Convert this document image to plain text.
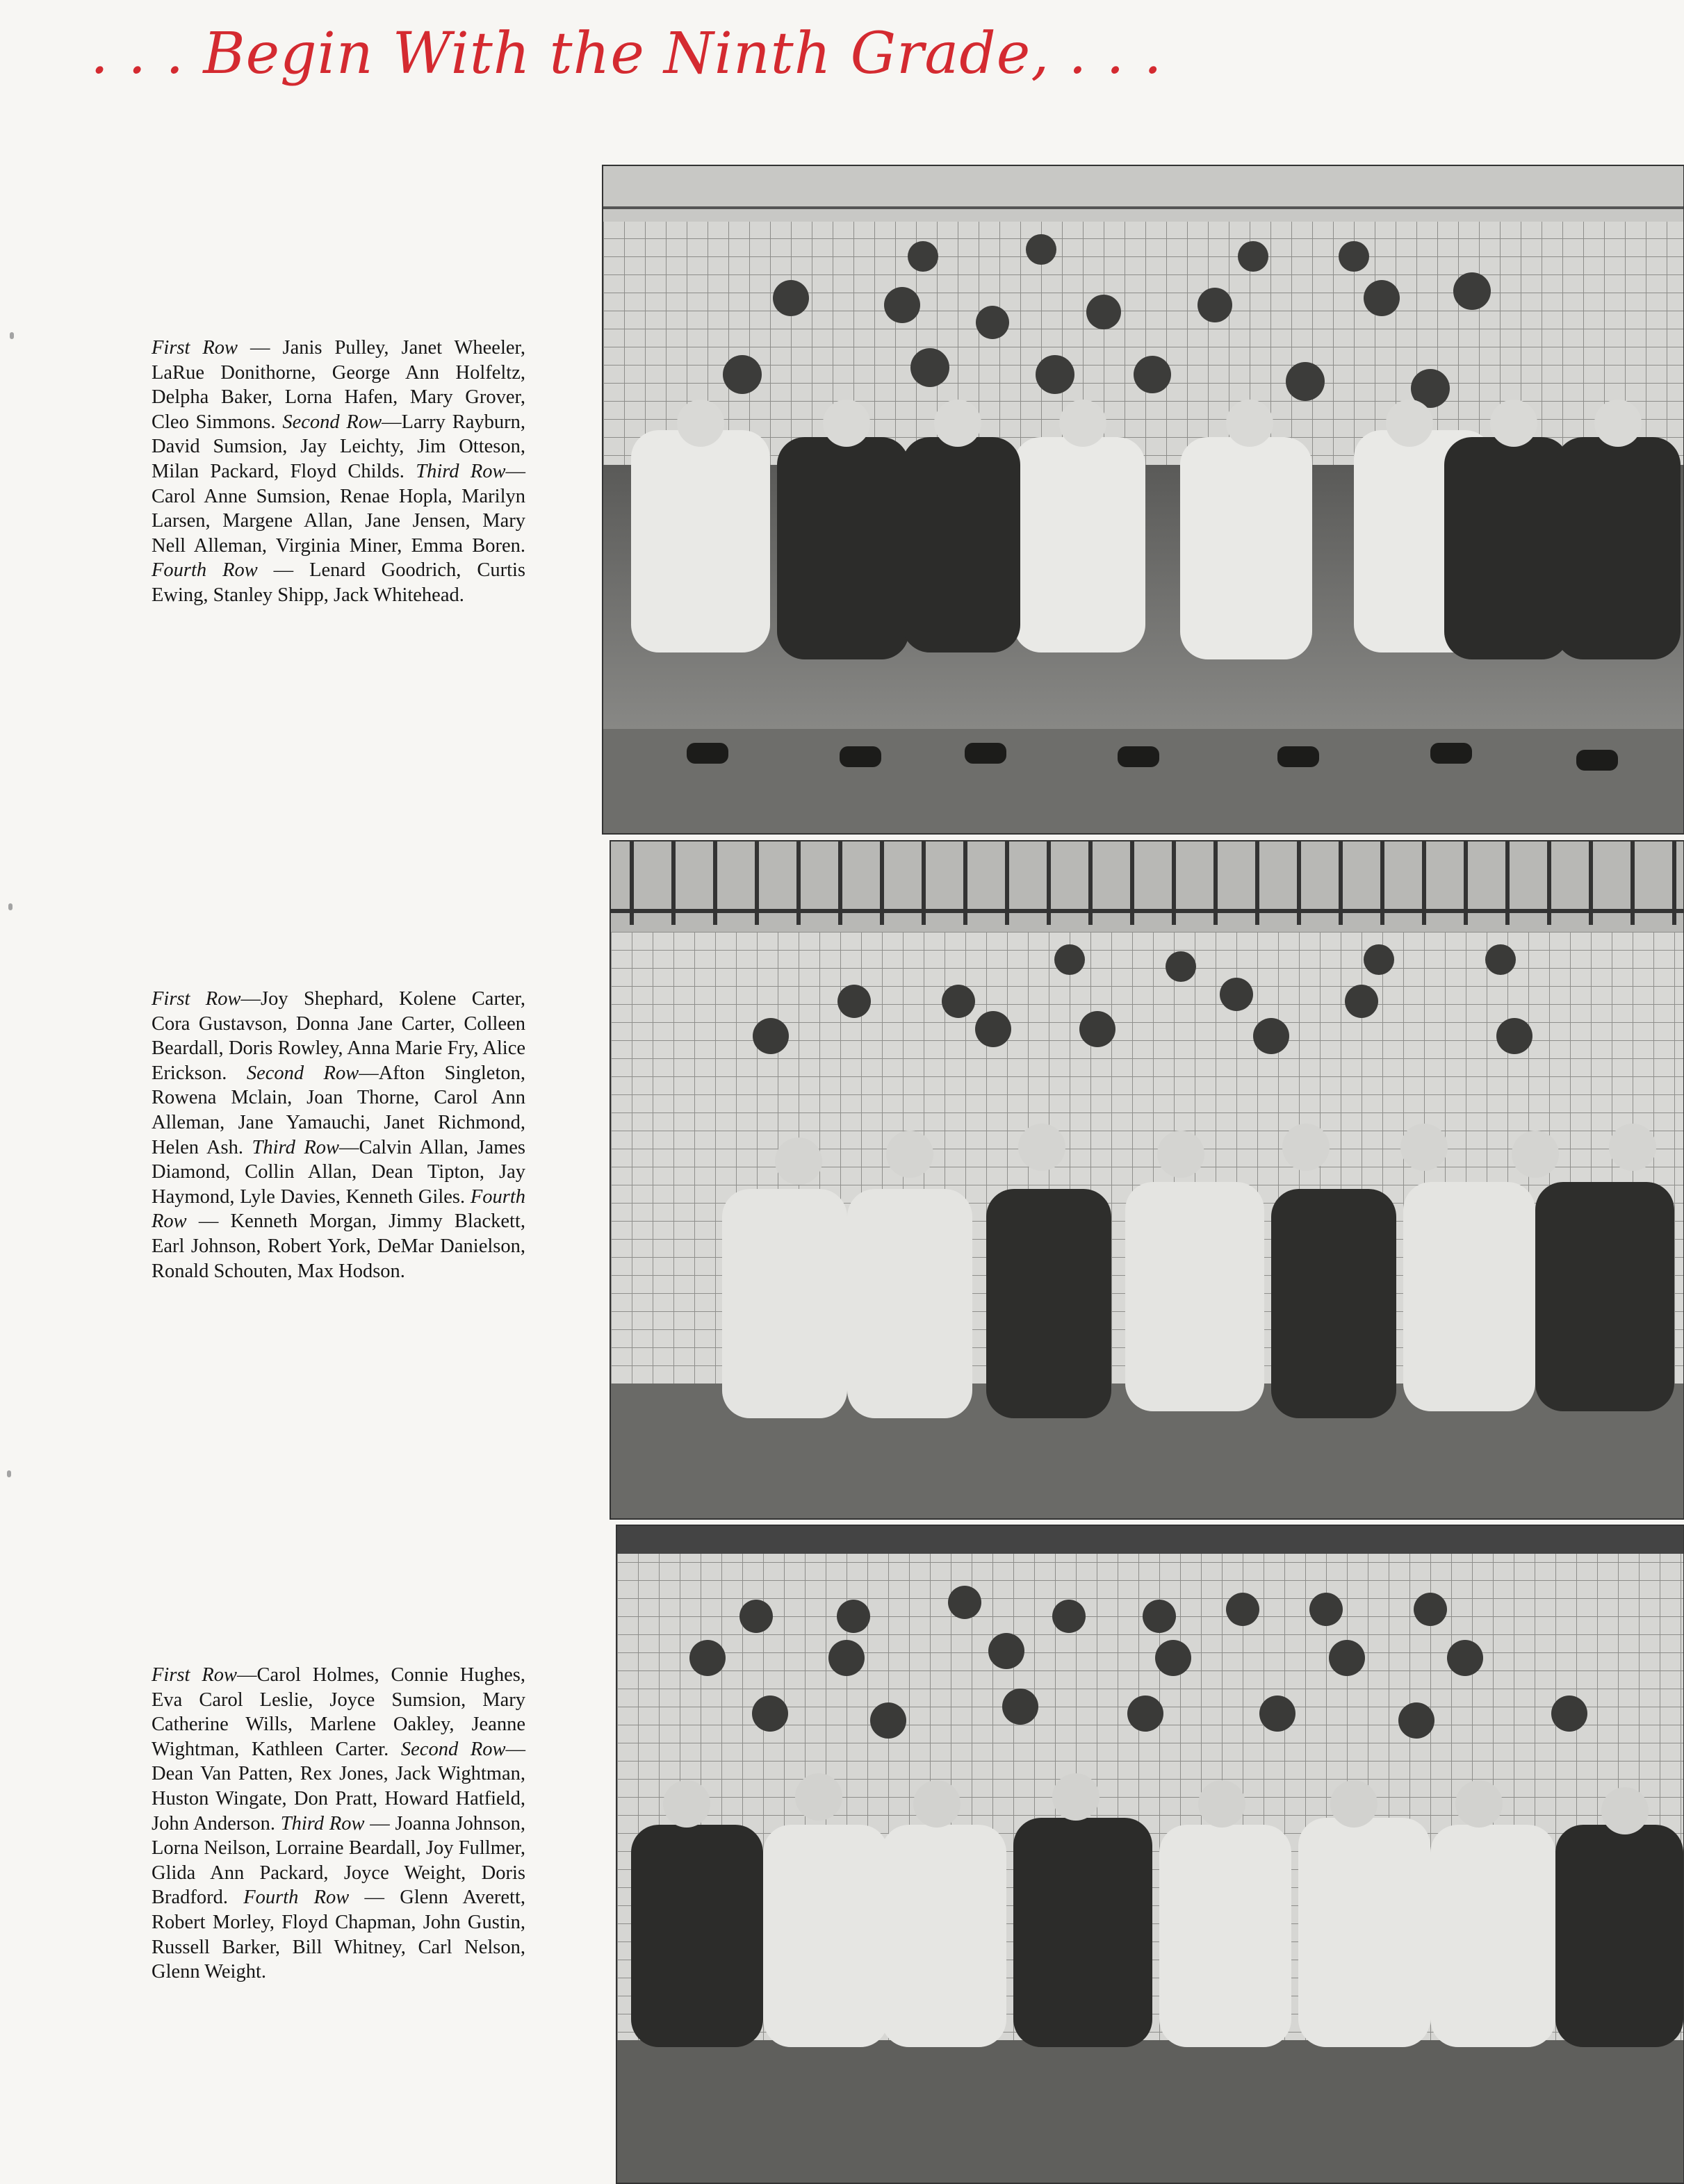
. . . Begin With the Ninth Grade, . . .
First Row — Janis Pulley, Janet Wheeler, LaRue Donithorne, George Ann Holfeltz, Delpha Baker, Lorna Hafen, Mary Grover, Cleo Simmons. Second Row—Larry Rayburn, David Sumsion, Jay Leichty, Jim Otteson, Milan Packard, Floyd Childs. Third Row—Carol Anne Sumsion, Renae Hopla, Marilyn Larsen, Margene Allan, Jane Jensen, Mary Nell Alleman, Virginia Miner, Emma Boren. Fourth Row — Lenard Goodrich, Curtis Ewing, Stanley Shipp, Jack Whitehead.
First Row—Joy Shephard, Kolene Carter, Cora Gustavson, Donna Jane Carter, Colleen Beardall, Doris Rowley, Anna Marie Fry, Alice Erickson. Second Row—Afton Singleton, Rowena Mclain, Joan Thorne, Carol Ann Alleman, Jane Yamauchi, Janet Richmond, Helen Ash. Third Row—Calvin Allan, James Diamond, Collin Allan, Dean Tipton, Jay Haymond, Lyle Davies, Kenneth Giles. Fourth Row — Kenneth Morgan, Jimmy Blackett, Earl Johnson, Robert York, DeMar Danielson, Ronald Schouten, Max Hodson.
First Row—Carol Holmes, Connie Hughes, Eva Carol Leslie, Joyce Sumsion, Mary Catherine Wills, Marlene Oakley, Jeanne Wightman, Kathleen Carter. Second Row—Dean Van Patten, Rex Jones, Jack Wightman, Huston Wingate, Don Pratt, Howard Hatfield, John Anderson. Third Row — Joanna Johnson, Lorna Neilson, Lorraine Beardall, Joy Fullmer, Glida Ann Packard, Joyce Weight, Doris Bradford. Fourth Row — Glenn Averett, Robert Morley, Floyd Chapman, John Gustin, Russell Barker, Bill Whitney, Carl Nelson, Glenn Weight.
